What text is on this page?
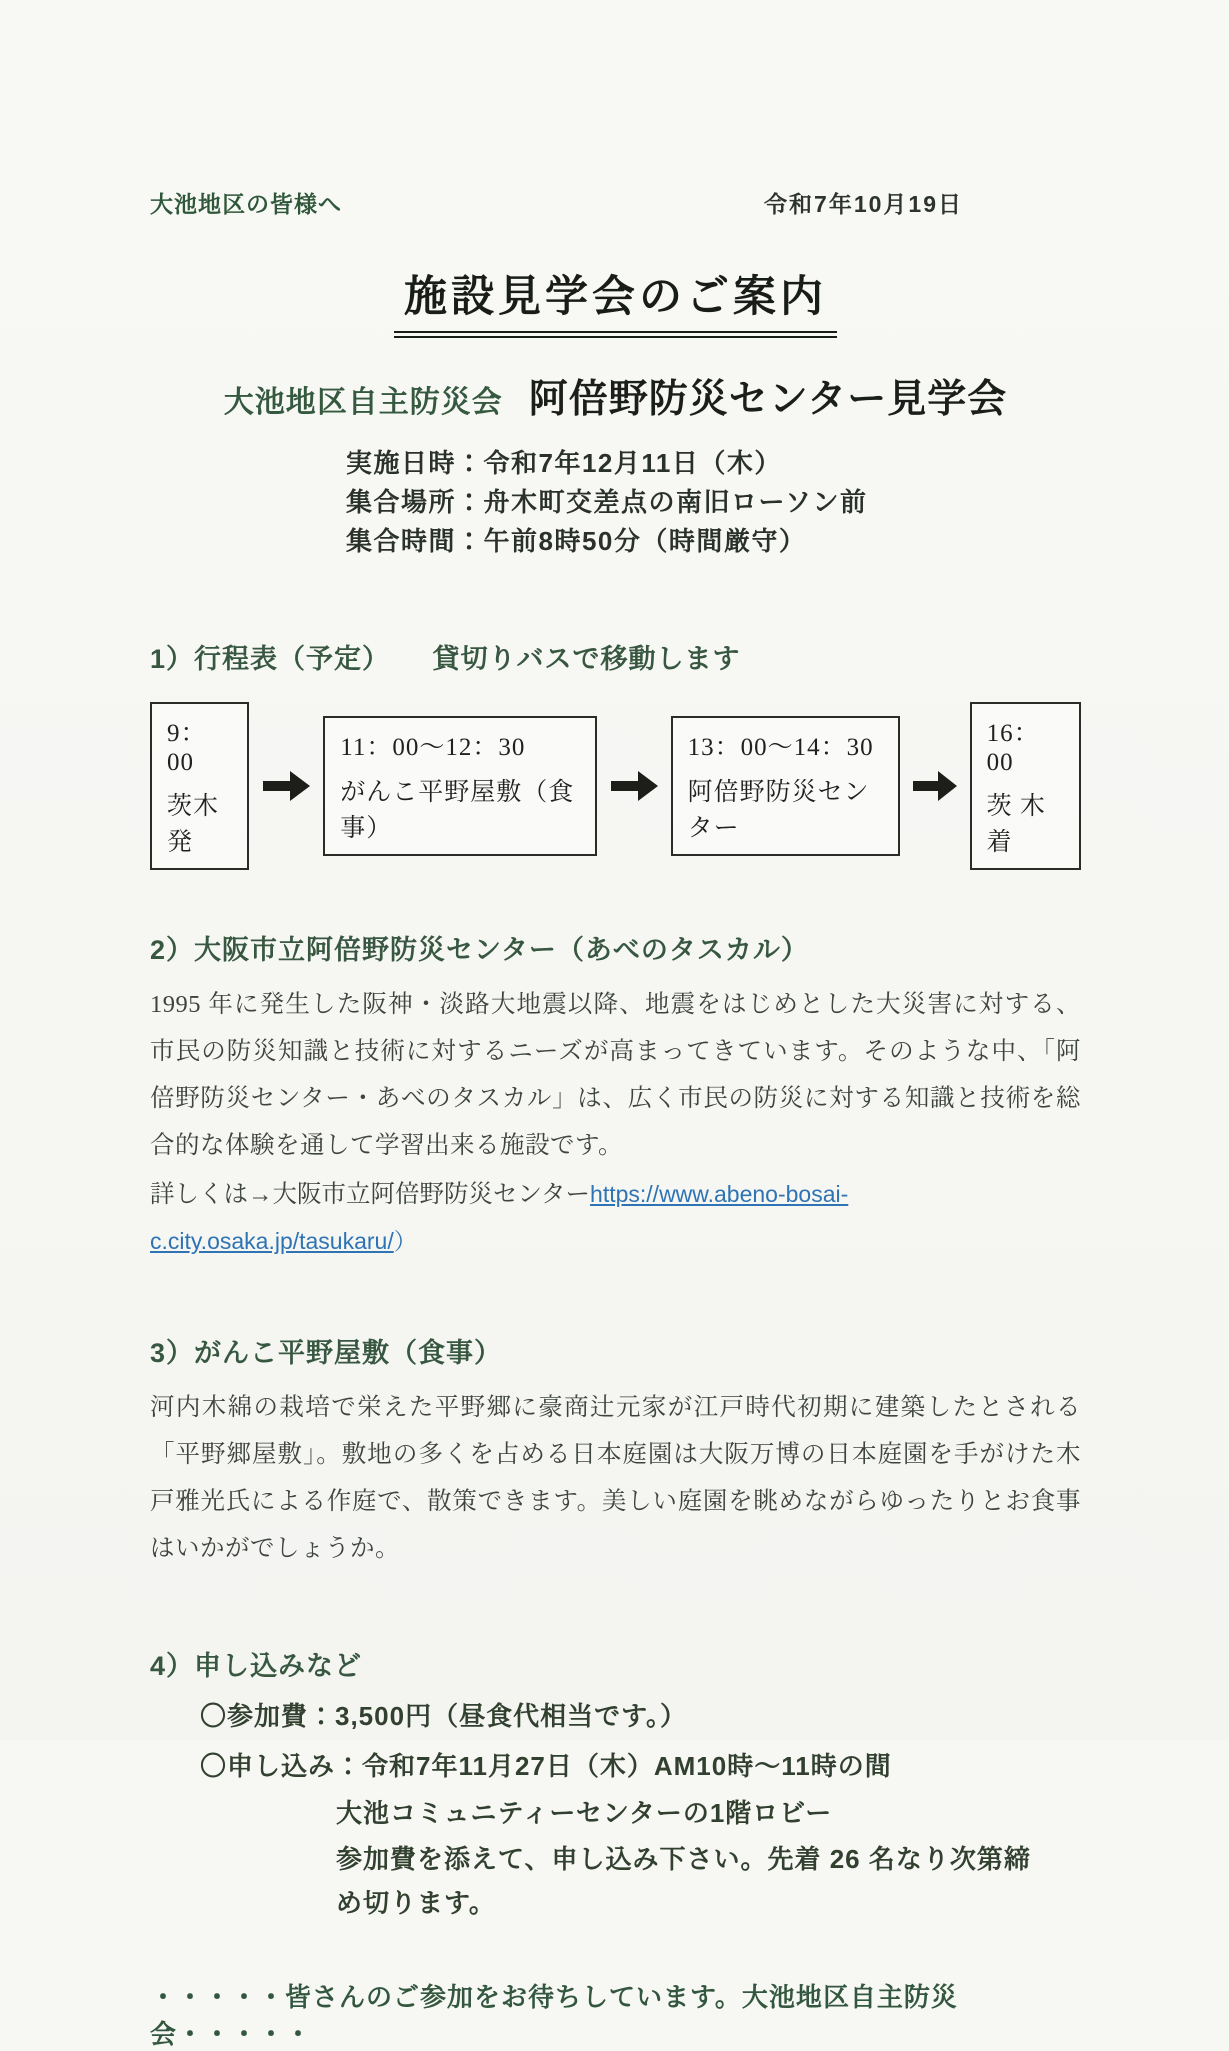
大池地区の皆様へ	令和7年10月19日
施設見学会のご案内
大池地区自主防災会 阿倍野防災センター見学会
実施日時：令和7年12月11日（木）
集合場所：舟木町交差点の南旧ローソン前
集合時間：午前8時50分（時間厳守）
1）行程表（予定）　　貸切りバスで移動します
9：00
茨木発
11：00～12：30
がんこ平野屋敷（食事）
13：00～14：30
阿倍野防災センター
16：00
茨 木 着
2）大阪市立阿倍野防災センター（あべのタスカル）
1995 年に発生した阪神・淡路大地震以降、地震をはじめとした大災害に対する、市民の防災知識と技術に対するニーズが高まってきています。そのような中、「阿倍野防災センター・あべのタスカル」は、広く市民の防災に対する知識と技術を総合的な体験を通して学習出来る施設です。
詳しくは→大阪市立阿倍野防災センターhttps://www.abeno-bosai-c.city.osaka.jp/tasukaru/）
3）がんこ平野屋敷（食事）
河内木綿の栽培で栄えた平野郷に豪商辻元家が江戸時代初期に建築したとされる「平野郷屋敷」。敷地の多くを占める日本庭園は大阪万博の日本庭園を手がけた木戸雅光氏による作庭で、散策できます。美しい庭園を眺めながらゆったりとお食事はいかがでしょうか。
4）申し込みなど
〇参加費：3,500円（昼食代相当です。）
〇申し込み：令和7年11月27日（木）AM10時～11時の間
大池コミュニティーセンターの1階ロビー
参加費を添えて、申し込み下さい。先着 26 名なり次第締め切ります。
・・・・・皆さんのご参加をお待ちしています。大池地区自主防災会・・・・・
